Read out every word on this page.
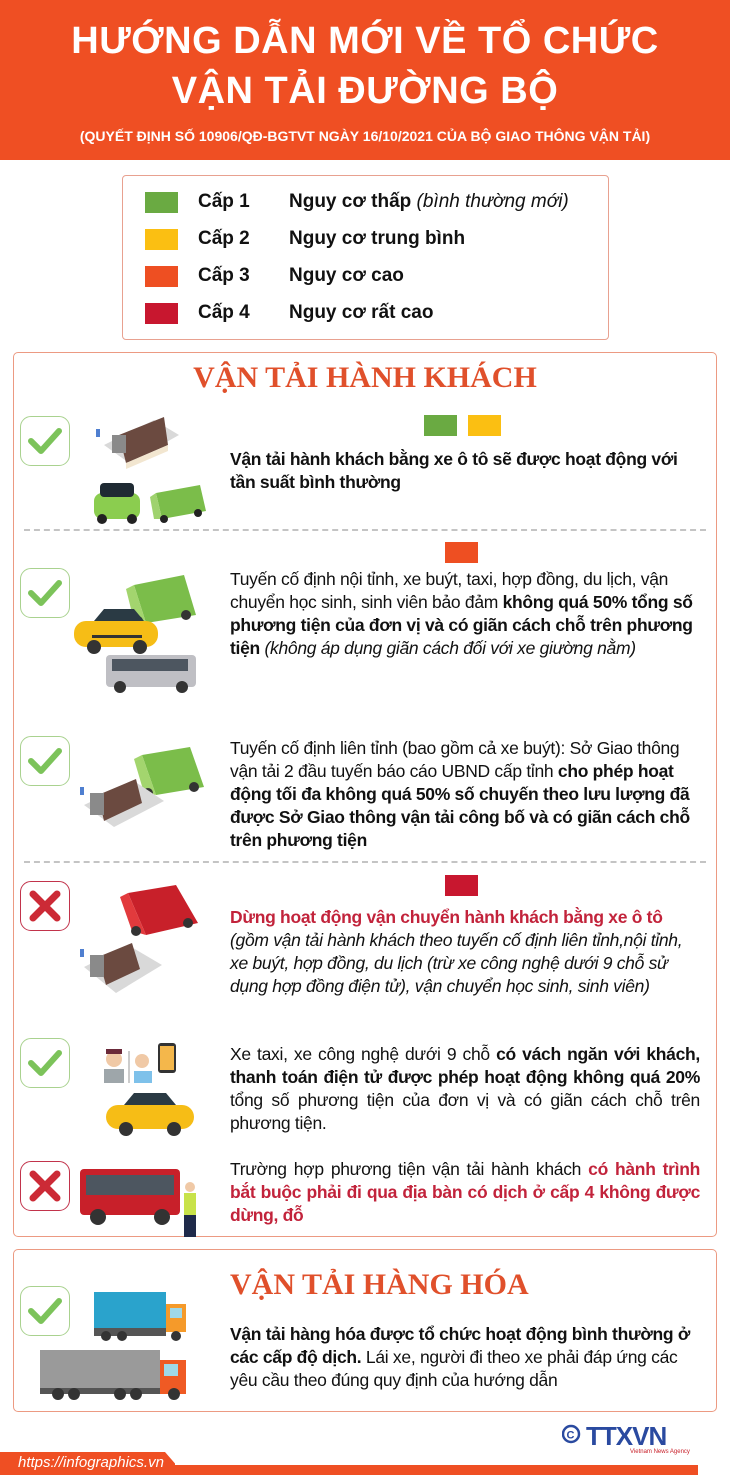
HƯỚNG DẪN MỚI VỀ TỔ CHỨC
VẬN TẢI ĐƯỜNG BỘ
(QUYẾT ĐỊNH SỐ 10906/QĐ-BGTVT NGÀY 16/10/2021 CỦA BỘ GIAO THÔNG VẬN TẢI)
Cấp 1 Nguy cơ thấp (bình thường mới)
Cấp 2 Nguy cơ trung bình
Cấp 3 Nguy cơ cao
Cấp 4 Nguy cơ rất cao
VẬN TẢI HÀNH KHÁCH
Vận tải hành khách bằng xe ô tô sẽ được hoạt động với tần suất bình thường
Tuyến cố định nội tỉnh, xe buýt, taxi, hợp đồng, du lịch, vận chuyển học sinh, sinh viên bảo đảm không quá 50% tổng số phương tiện của đơn vị và có giãn cách chỗ trên phương tiện (không áp dụng giãn cách đối với xe giường nằm)
Tuyến cố định liên tỉnh (bao gồm cả xe buýt): Sở Giao thông vận tải 2 đầu tuyến báo cáo UBND cấp tỉnh cho phép hoạt động tối đa không quá 50% số chuyến theo lưu lượng đã được Sở Giao thông vận tải công bố và có giãn cách chỗ trên phương tiện
Dừng hoạt động vận chuyển hành khách bằng xe ô tô
(gồm vận tải hành khách theo tuyến cố định liên tỉnh,nội tỉnh, xe buýt, hợp đồng, du lịch (trừ xe công nghệ dưới 9 chỗ sử dụng hợp đồng điện tử), vận chuyển học sinh, sinh viên)
Xe taxi, xe công nghệ dưới 9 chỗ có vách ngăn với khách, thanh toán điện tử được phép hoạt động không quá 20% tổng số phương tiện của đơn vị và có giãn cách chỗ trên phương tiện.
Trường hợp phương tiện vận tải hành khách có hành trình bắt buộc phải đi qua địa bàn có dịch ở cấp 4 không được dừng, đỗ
VẬN TẢI HÀNG HÓA
Vận tải hàng hóa được tổ chức hoạt động bình thường ở các cấp độ dịch. Lái xe, người đi theo xe phải đáp ứng các yêu cầu theo đúng quy định của hướng dẫn
C TTXVN
Vietnam News Agency
https://infographics.vn
